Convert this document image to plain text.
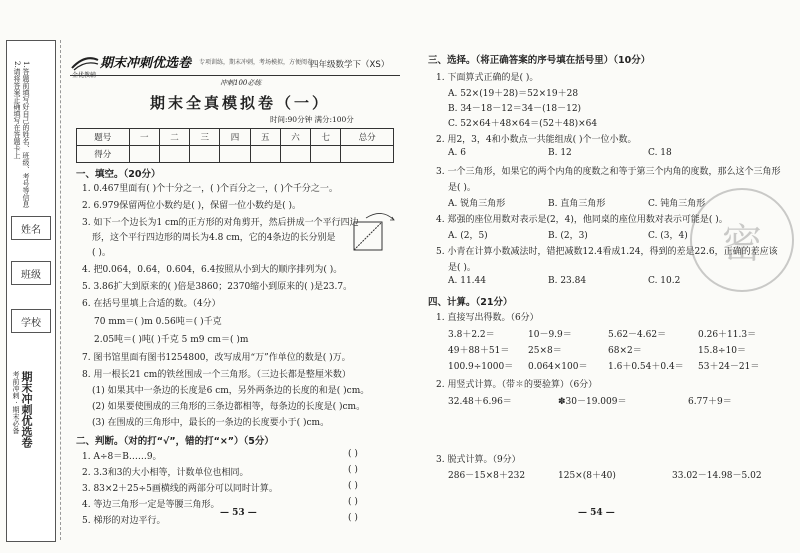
1.答题前填写好自己的姓名、班级、考号等信息
2.请将答案正确填写在答题卡上
姓名
班级
学校
期末冲刺优选卷
考前冲刺 · 期末必备
期末冲刺优选卷 专项训练，期末冲刺，考场模拟，方便阅卷
金优教辅
四年级数学下（XS）
冲刺100必练
期末全真模拟卷（一）
时间:90分钟 满分:100分
题号	一	二	三	四	五	六	七	总分
得分								
一、填空。（20分）
1. 0.467里面有( )个十分之一，( )个百分之一，( )个千分之一。
2. 6.979保留两位小数约是( )，保留一位小数约是( )。
3. 如下一个边长为1 cm的正方形的对角剪开，然后拼成一个平行四边
形，这个平行四边形的周长为4.8 cm，它的4条边的长分别是
( )。
4. 把0.064，0.64，0.604，6.4按照从小到大的顺序排列为( )。
5. 3.86扩大到原来的( )倍是3860；2370缩小到原来的( )是23.7。
6. 在括号里填上合适的数。（4分）
70 mm＝( )m 0.56吨＝( )千克
2.05吨＝( )吨( )千克 5 m9 cm＝( )m
7. 图书馆里面有图书1254800，改写成用“万”作单位的数是( )万。
8. 用一根长21 cm的铁丝围成一个三角形。（三边长都是整厘米数）
(1) 如果其中一条边的长度是6 cm，另外两条边的长度的和是( )cm。
(2) 如果要使围成的三角形的三条边都相等，每条边的长度是( )cm。
(3) 在围成的三角形中，最长的一条边的长度要小于( )cm。
二、判断。（对的打“√”，错的打“×”）（5分）
1. A÷8＝B……9。
2. 3.3和3的大小相等，计数单位也相同。
3. 83×2＋25÷5画横线的两部分可以同时计算。
4. 等边三角形一定是等腰三角形。
5. 梯形的对边平行。
( )
( )
( )
( )
( )
— 53 —
三、选择。（将正确答案的序号填在括号里）（10分）
1. 下面算式正确的是( )。
A. 52×(19＋28)＝52×19＋28
B. 34－18－12＝34－(18－12)
C. 52×64＋48×64＝(52＋48)×64
2. 用2，3，4和小数点一共能组成( )个一位小数。
A. 6	B. 12	C. 18
3. 一个三角形，如果它的两个内角的度数之和等于第三个内角的度数，那么这个三角形
是( )。
A. 锐角三角形	B. 直角三角形	C. 钝角三角形
4. 郑强的座位用数对表示是(2，4)，他同桌的座位用数对表示可能是( )。
A. (2，5)	B. (2，3)	C. (3，4)
5. 小青在计算小数减法时，错把减数12.4看成1.24，得到的差是22.6，正确的差应该
是( )。
A. 11.44	B. 23.84	C. 10.2
四、计算。（21分）
1. 直接写出得数。（6分）
3.8＋2.2＝	10－9.9＝	5.62－4.62＝	0.26＋11.3＝
49＋88＋51＝ 25×8＝	68×2＝	15.8÷10＝
100.9÷1000＝ 0.064×100＝ 1.6＋0.54＋0.4＝ 53＋24－21＝
2. 用竖式计算。（带✽的要验算）（6分）
32.48＋6.96＝	✽30－19.009＝	6.77＋9＝
3. 脱式计算。（9分）
286－15×8＋232	125×(8＋40)	33.02－14.98－5.02
— 54 —
密
